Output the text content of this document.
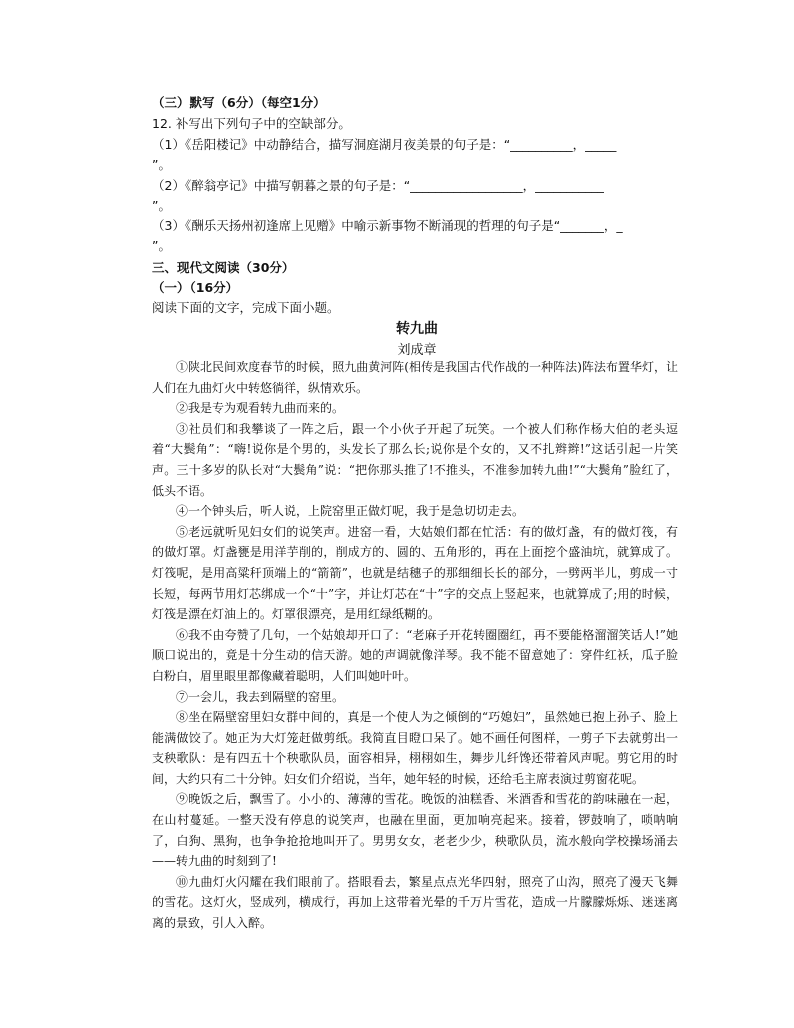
（三）默写（6分）（每空1分）
12. 补写出下列句子中的空缺部分。
（1）《岳阳楼记》中动静结合，描写洞庭湖月夜美景的句子是：“__________，_____
”。
（2）《醉翁亭记》中描写朝暮之景的句子是：“__________________，___________
”。
（3）《酬乐天扬州初逢席上见赠》中喻示新事物不断涌现的哲理的句子是“_______，_
”。
三、现代文阅读（30分）
（一）（16分）
阅读下面的文字，完成下面小题。
转九曲
刘成章

①陕北民间欢度春节的时候，照九曲黄河阵(相传是我国古代作战的一种阵法)阵法布置华灯，让人们在九曲灯火中转悠徜徉，纵情欢乐。

②我是专为观看转九曲而来的。

③社员们和我攀谈了一阵之后，跟一个小伙子开起了玩笑。一个被人们称作杨大伯的老头逗着“大鬓角”：“嗨!说你是个男的，头发长了那么长;说你是个女的，又不扎辫辫!”这话引起一片笑声。三十多岁的队长对“大鬓角”说：“把你那头推了!不推头，不准参加转九曲!”“大鬓角”脸红了，低头不语。

④一个钟头后，听人说，上院窑里正做灯呢，我于是急切切走去。

⑤老远就听见妇女们的说笑声。进窑一看，大姑娘们都在忙活：有的做灯盏，有的做灯筏，有的做灯罩。灯盏甕是用洋芋削的，削成方的、圆的、五角形的，再在上面挖个盛油坑，就算成了。灯筏呢，是用高粱秆顶端上的“箭箭”，也就是结穗子的那细细长长的部分，一劈两半儿，剪成一寸长短，每两节用灯芯绑成一个“十”字，并让灯芯在“十”字的交点上竖起来，也就算成了;用的时候，灯筏是漂在灯油上的。灯罩很漂亮，是用红绿纸糊的。

⑥我不由夸赞了几句，一个姑娘却开口了：“老麻子开花转圈圈红，再不要能格溜溜笑话人!”她顺口说出的，竟是十分生动的信天游。她的声调就像洋琴。我不能不留意她了：穿件红袄，瓜子脸白粉白，眉里眼里都像藏着聪明，人们叫她叶叶。

⑦一会儿，我去到隔壁的窑里。

⑧坐在隔壁窑里妇女群中间的，真是一个使人为之倾倒的“巧媳妇”，虽然她已抱上孙子、脸上能满做饺了。她正为大灯笼赶做剪纸。我简直目瞪口呆了。她不画任何图样，一剪子下去就剪出一支秧歌队：是有四五十个秧歌队员，面容相异，栩栩如生，舞步儿纤馋还带着风声呢。剪它用的时间，大约只有二十分钟。妇女们介绍说，当年，她年轻的时候，还给毛主席表演过剪窗花呢。

⑨晚饭之后，飘雪了。小小的、薄薄的雪花。晚饭的油糕香、米酒香和雪花的韵味融在一起，在山村蔓延。一整天没有停息的说笑声，也融在里面，更加响亮起来。接着，锣鼓响了，唢呐响了，白狗、黑狗，也争争抢抢地叫开了。男男女女，老老少少，秧歌队员，流水般向学校操场涌去——转九曲的时刻到了!

⑩九曲灯火闪耀在我们眼前了。搭眼看去，繁星点点光华四射，照亮了山沟，照亮了漫天飞舞的雪花。这灯火，竖成列，横成行，再加上这带着光晕的千万片雪花，造成一片朦朦烁烁、迷迷离离的景致，引人入醉。
